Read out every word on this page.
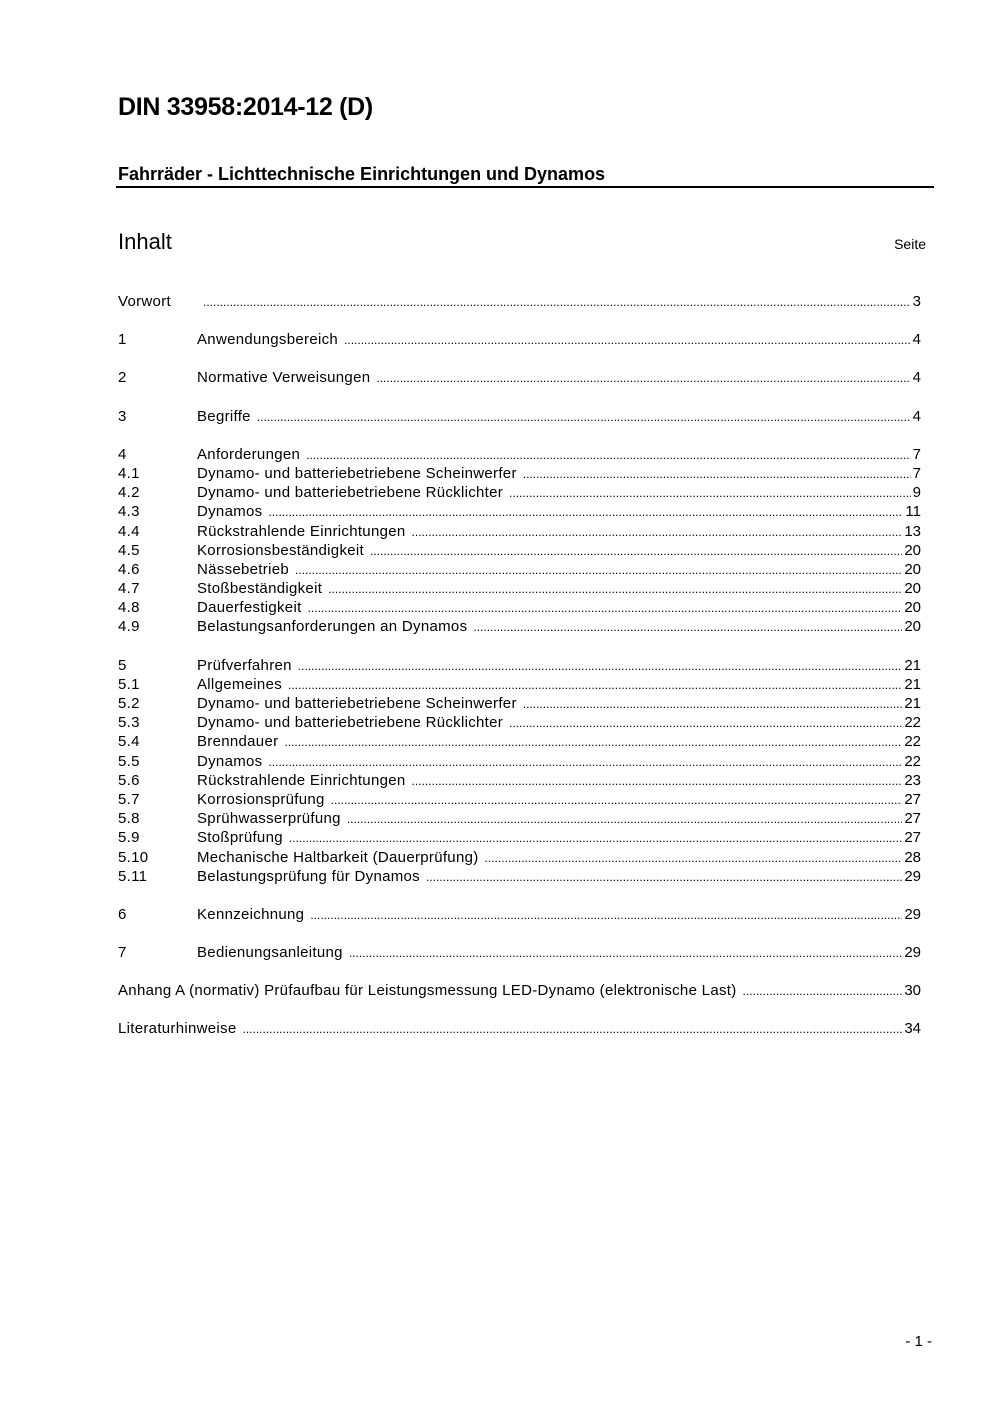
DIN 33958:2014-12 (D)
Fahrräder - Lichttechnische Einrichtungen und Dynamos
Inhalt	Seite
Vorwort .....	3
1	Anwendungsbereich .....	4
2	Normative Verweisungen .....	4
3	Begriffe .....	4
4	Anforderungen .....	7
4.1	Dynamo- und batteriebetriebene Scheinwerfer .....	7
4.2	Dynamo- und batteriebetriebene Rücklichter .....	9
4.3	Dynamos .....	11
4.4	Rückstrahlende Einrichtungen .....	13
4.5	Korrosionsbeständigkeit .....	20
4.6	Nässebetrieb .....	20
4.7	Stoßbeständigkeit .....	20
4.8	Dauerfestigkeit .....	20
4.9	Belastungsanforderungen an Dynamos .....	20
5	Prüfverfahren .....	21
5.1	Allgemeines .....	21
5.2	Dynamo- und batteriebetriebene Scheinwerfer .....	21
5.3	Dynamo- und batteriebetriebene Rücklichter .....	22
5.4	Brenndauer .....	22
5.5	Dynamos .....	22
5.6	Rückstrahlende Einrichtungen .....	23
5.7	Korrosionsprüfung .....	27
5.8	Sprühwasserprüfung .....	27
5.9	Stoßprüfung .....	27
5.10	Mechanische Haltbarkeit (Dauerprüfung) .....	28
5.11	Belastungsprüfung für Dynamos .....	29
6	Kennzeichnung .....	29
7	Bedienungsanleitung .....	29
Anhang A (normativ) Prüfaufbau für Leistungsmessung LED-Dynamo (elektronische Last) .....	30
Literaturhinweise .....	34
- 1 -
